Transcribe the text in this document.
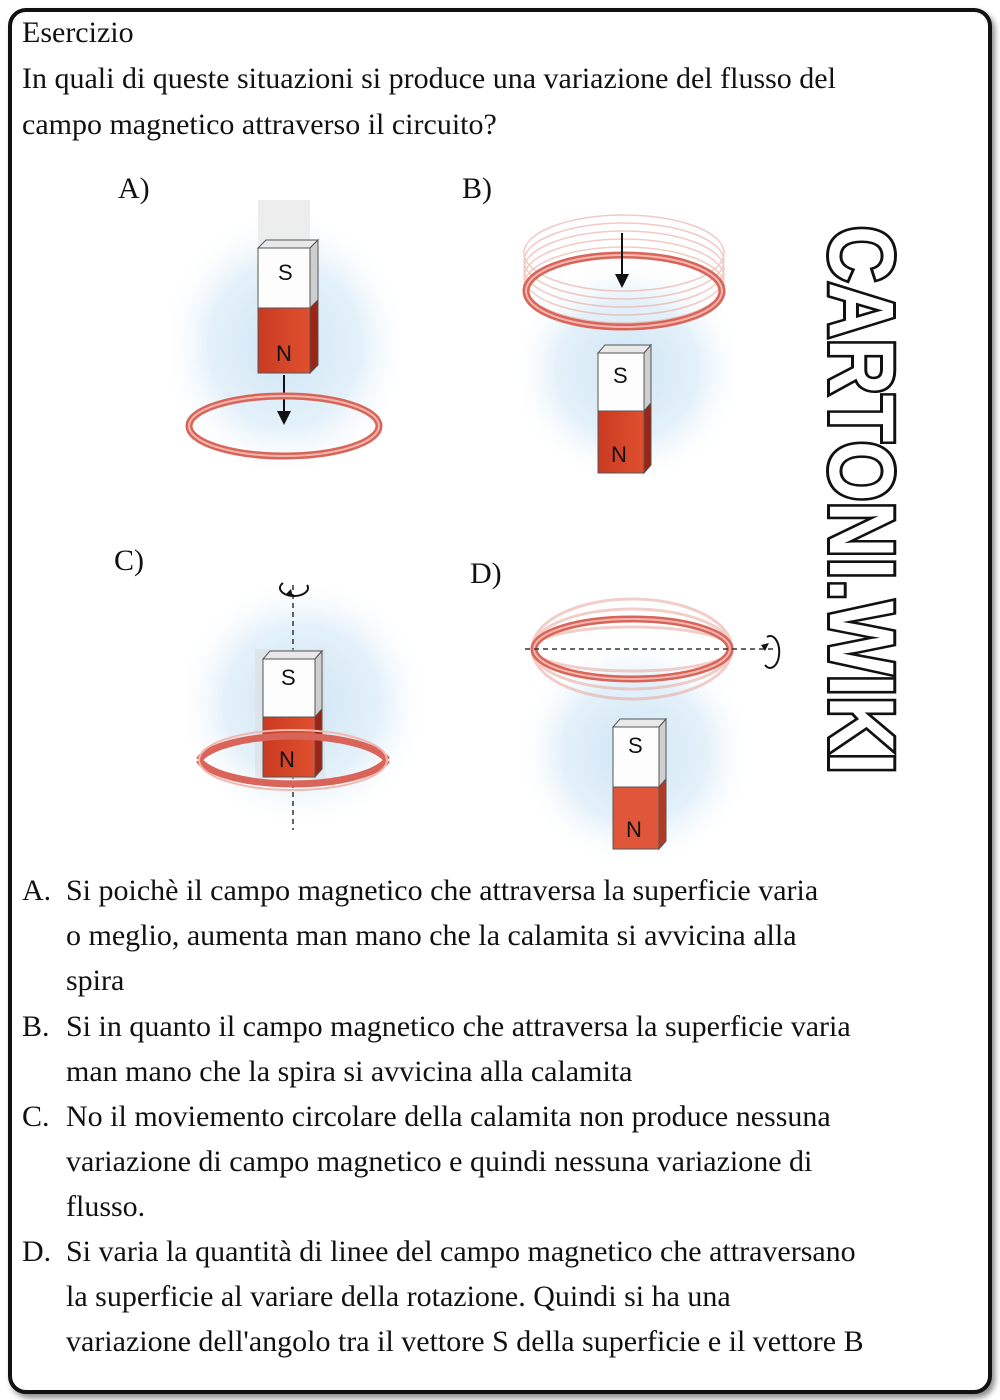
Esercizio
In quali di queste situazioni si produce una variazione del flusso del
campo magnetico attraverso il circuito?
A)	B)
C)	D)
S
N
S
N
S
N
S
N CARTONI.WIKI
A. Si poichè il campo magnetico che attraversa la superficie varia
o meglio, aumenta man mano che la calamita si avvicina alla
spira
B. Si in quanto il campo magnetico che attraversa la superficie varia
man mano che la spira si avvicina alla calamita
C. No il moviemento circolare della calamita non produce nessuna
variazione di campo magnetico e quindi nessuna variazione di
flusso.
D. Si varia la quantità di linee del campo magnetico che attraversano
la superficie al variare della rotazione. Quindi si ha una
variazione dell'angolo tra il vettore S della superficie e il vettore B
